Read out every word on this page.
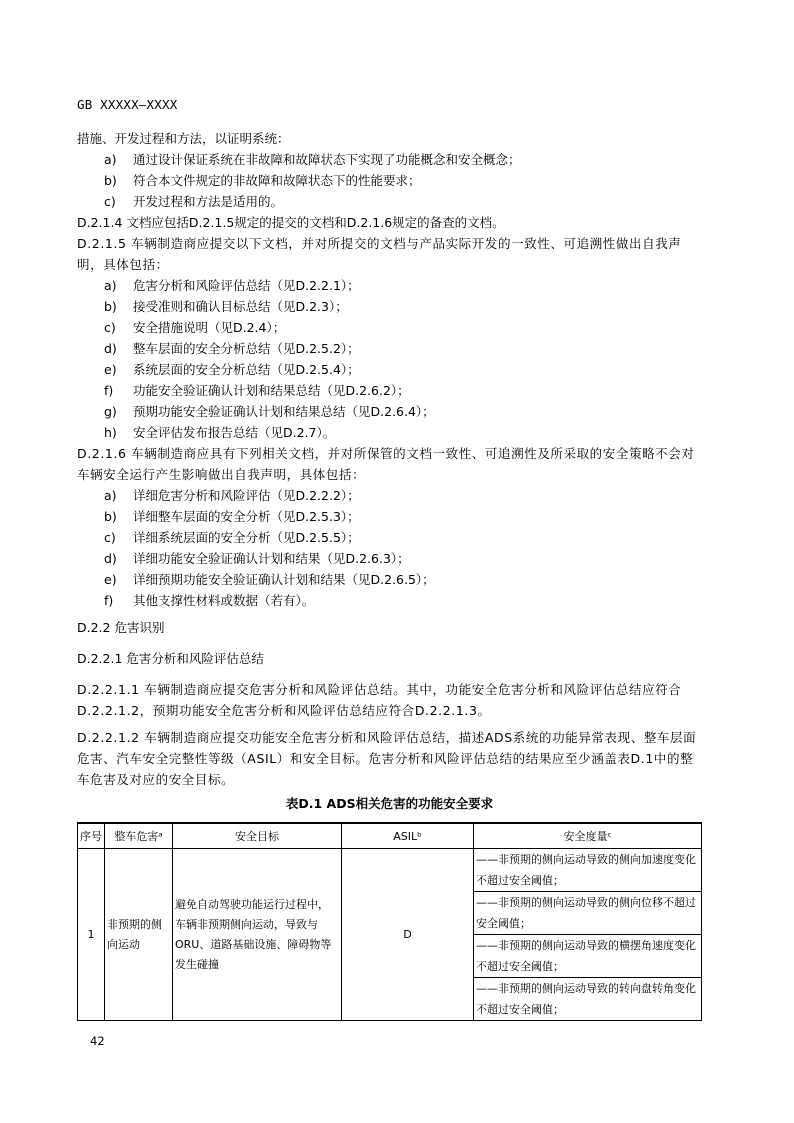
GB XXXXX—XXXX
措施、开发过程和方法，以证明系统：
a) 通过设计保证系统在非故障和故障状态下实现了功能概念和安全概念；
b) 符合本文件规定的非故障和故障状态下的性能要求；
c) 开发过程和方法是适用的。
D.2.1.4 文档应包括D.2.1.5规定的提交的文档和D.2.1.6规定的备查的文档。
D.2.1.5 车辆制造商应提交以下文档，并对所提交的文档与产品实际开发的一致性、可追溯性做出自我声明，具体包括：
a) 危害分析和风险评估总结（见D.2.2.1）；
b) 接受准则和确认目标总结（见D.2.3）；
c) 安全措施说明（见D.2.4）；
d) 整车层面的安全分析总结（见D.2.5.2）；
e) 系统层面的安全分析总结（见D.2.5.4）；
f) 功能安全验证确认计划和结果总结（见D.2.6.2）；
g) 预期功能安全验证确认计划和结果总结（见D.2.6.4）；
h) 安全评估发布报告总结（见D.2.7）。
D.2.1.6 车辆制造商应具有下列相关文档，并对所保管的文档一致性、可追溯性及所采取的安全策略不会对车辆安全运行产生影响做出自我声明，具体包括：
a) 详细危害分析和风险评估（见D.2.2.2）；
b) 详细整车层面的安全分析（见D.2.5.3）；
c) 详细系统层面的安全分析（见D.2.5.5）；
d) 详细功能安全验证确认计划和结果（见D.2.6.3）；
e) 详细预期功能安全验证确认计划和结果（见D.2.6.5）；
f) 其他支撑性材料或数据（若有）。
D.2.2 危害识别
D.2.2.1 危害分析和风险评估总结
D.2.2.1.1 车辆制造商应提交危害分析和风险评估总结。其中，功能安全危害分析和风险评估总结应符合D.2.2.1.2，预期功能安全危害分析和风险评估总结应符合D.2.2.1.3。
D.2.2.1.2 车辆制造商应提交功能安全危害分析和风险评估总结，描述ADS系统的功能异常表现、整车层面危害、汽车安全完整性等级（ASIL）和安全目标。危害分析和风险评估总结的结果应至少涵盖表D.1中的整车危害及对应的安全目标。
表D.1 ADS相关危害的功能安全要求
序号	整车危害ᵃ	安全目标	ASILᵇ	安全度量ᶜ
1	非预期的侧向运动	避免自动驾驶功能运行过程中，车辆非预期侧向运动，导致与ORU、道路基础设施、障碍物等发生碰撞	D	——非预期的侧向运动导致的侧向加速度变化不超过安全阈值；
——非预期的侧向运动导致的侧向位移不超过安全阈值；
——非预期的侧向运动导致的横摆角速度变化不超过安全阈值；
——非预期的侧向运动导致的转向盘转角变化不超过安全阈值；
42
